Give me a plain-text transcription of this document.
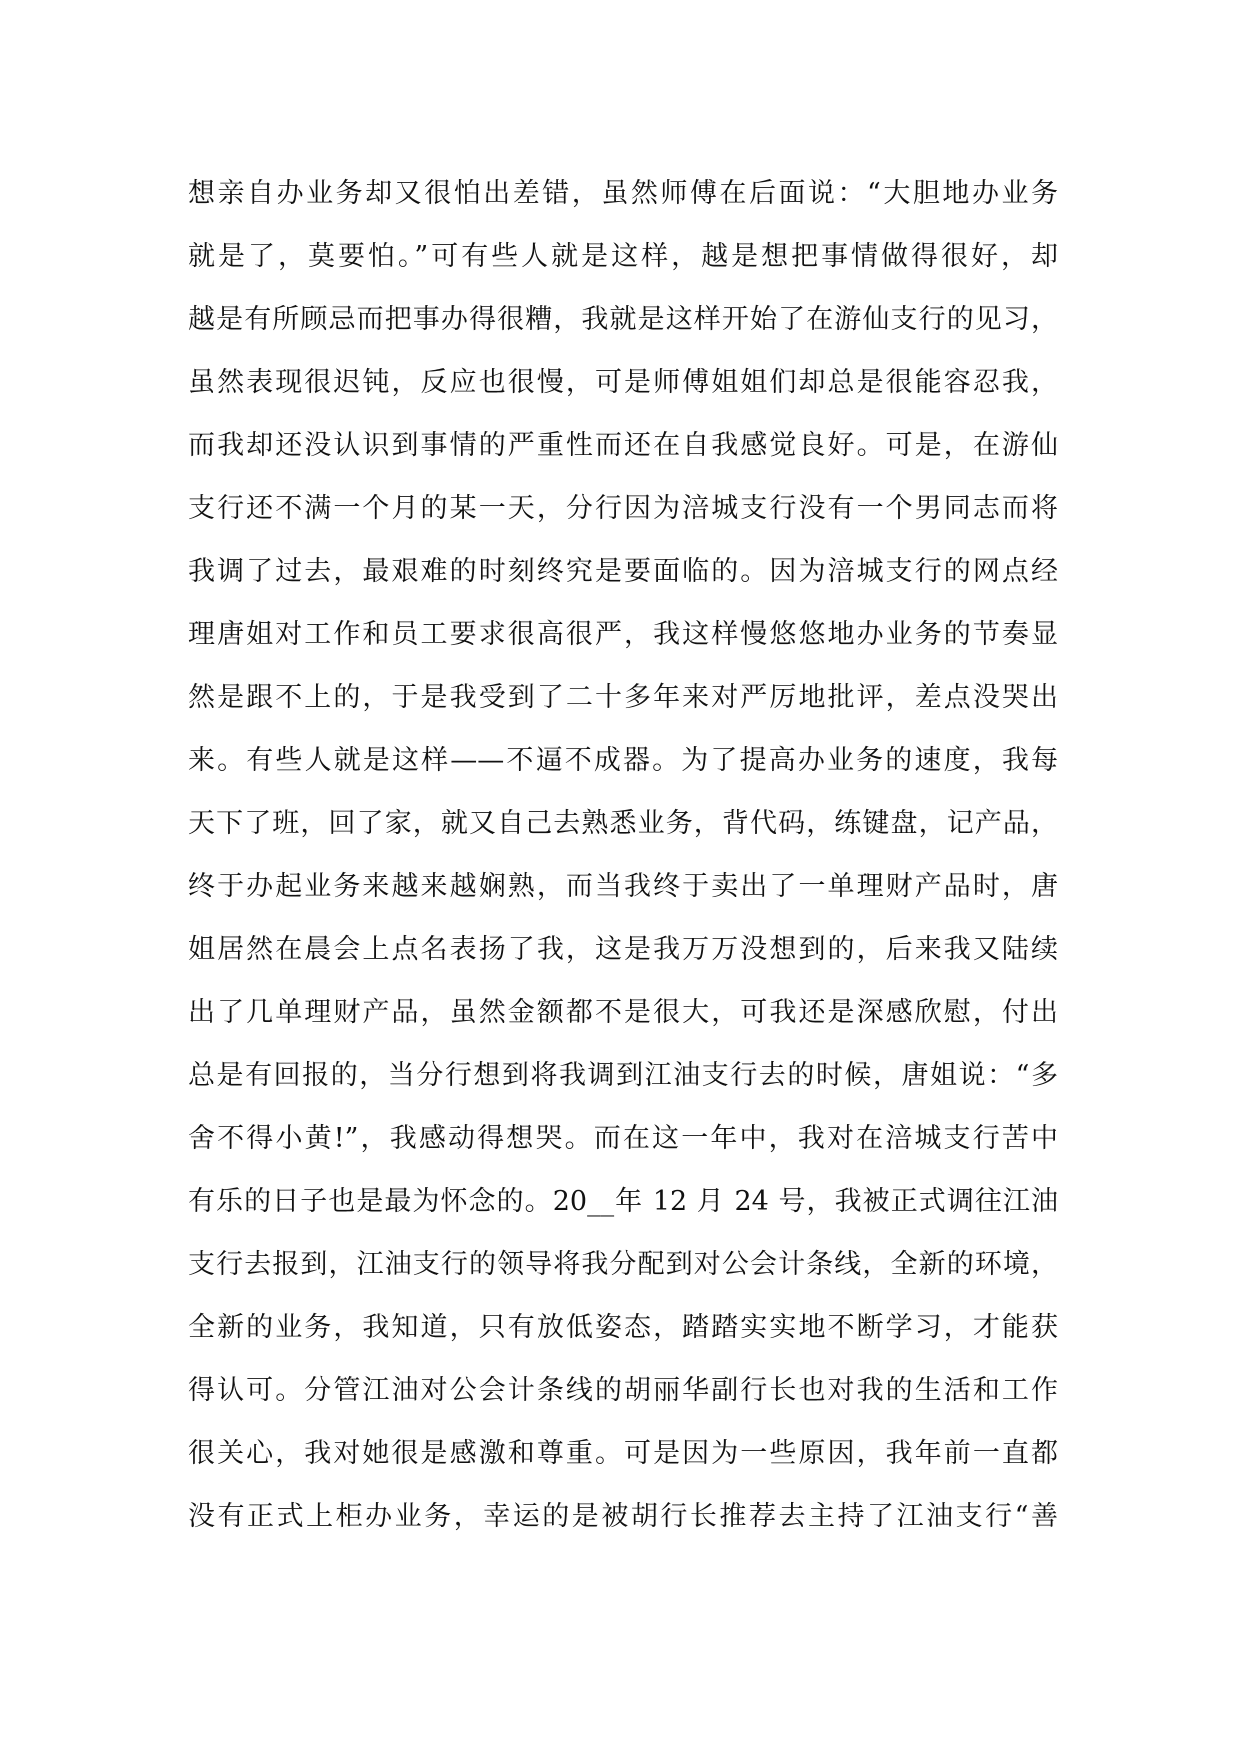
想亲自办业务却又很怕出差错，虽然师傅在后面说：“大胆地办业务
就是了，莫要怕。”可有些人就是这样，越是想把事情做得很好，却
越是有所顾忌而把事办得很糟，我就是这样开始了在游仙支行的见习，
虽然表现很迟钝，反应也很慢，可是师傅姐姐们却总是很能容忍我，
而我却还没认识到事情的严重性而还在自我感觉良好。可是，在游仙
支行还不满一个月的某一天，分行因为涪城支行没有一个男同志而将
我调了过去，最艰难的时刻终究是要面临的。因为涪城支行的网点经
理唐姐对工作和员工要求很高很严，我这样慢悠悠地办业务的节奏显
然是跟不上的，于是我受到了二十多年来对严厉地批评，差点没哭出
来。有些人就是这样——不逼不成器。为了提高办业务的速度，我每
天下了班，回了家，就又自己去熟悉业务，背代码，练键盘，记产品，
终于办起业务来越来越娴熟，而当我终于卖出了一单理财产品时，唐
姐居然在晨会上点名表扬了我，这是我万万没想到的，后来我又陆续
出了几单理财产品，虽然金额都不是很大，可我还是深感欣慰，付出
总是有回报的，当分行想到将我调到江油支行去的时候，唐姐说：“多
舍不得小黄!”，我感动得想哭。而在这一年中，我对在涪城支行苦中
有乐的日子也是最为怀念的。20__年 12 月 24 号，我被正式调往江油
支行去报到，江油支行的领导将我分配到对公会计条线，全新的环境，
全新的业务，我知道，只有放低姿态，踏踏实实地不断学习，才能获
得认可。分管江油对公会计条线的胡丽华副行长也对我的生活和工作
很关心，我对她很是感激和尊重。可是因为一些原因，我年前一直都
没有正式上柜办业务，幸运的是被胡行长推荐去主持了江油支行“善
